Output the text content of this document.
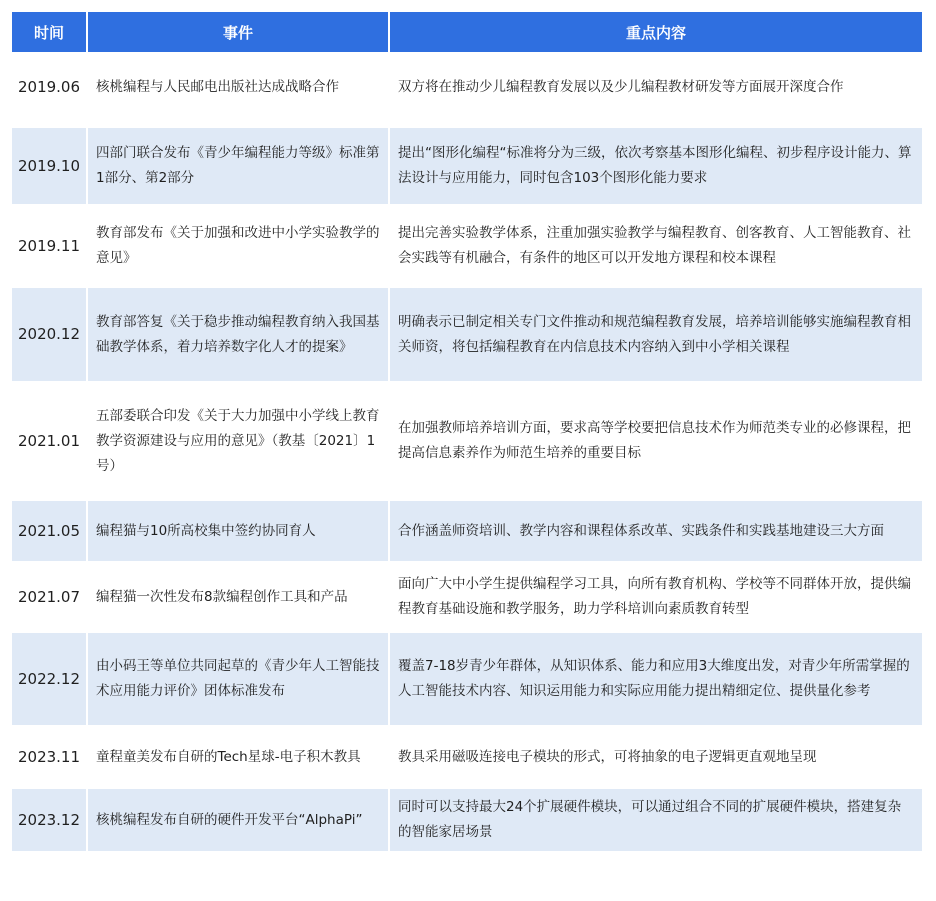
时间	事件	重点内容
2019.06	核桃编程与人民邮电出版社达成战略合作	双方将在推动少儿编程教育发展以及少儿编程教材研发等方面展开深度合作
2019.10	四部门联合发布《青少年编程能力等级》标准第1部分、第2部分	提出“图形化编程“标准将分为三级，依次考察基本图形化编程、初步程序设计能力、算法设计与应用能力，同时包含103个图形化能力要求
2019.11	教育部发布《关于加强和改进中小学实验教学的意见》	提出完善实验教学体系，注重加强实验教学与编程教育、创客教育、人工智能教育、社会实践等有机融合，有条件的地区可以开发地方课程和校本课程
2020.12	教育部答复《关于稳步推动编程教育纳入我国基础教学体系，着力培养数字化人才的提案》	明确表示已制定相关专门文件推动和规范编程教育发展，培养培训能够实施编程教育相关师资，将包括编程教育在内信息技术内容纳入到中小学相关课程
2021.01	五部委联合印发《关于大力加强中小学线上教育教学资源建设与应用的意见》（教基〔2021〕1号）	在加强教师培养培训方面，要求高等学校要把信息技术作为师范类专业的必修课程，把提高信息素养作为师范生培养的重要目标
2021.05	编程猫与10所高校集中签约协同育人	合作涵盖师资培训、教学内容和课程体系改革、实践条件和实践基地建设三大方面
2021.07	编程猫一次性发布8款编程创作工具和产品	面向广大中小学生提供编程学习工具，向所有教育机构、学校等不同群体开放，提供编程教育基础设施和教学服务，助力学科培训向素质教育转型
2022.12	由小码王等单位共同起草的《青少年人工智能技术应用能力评价》团体标准发布	覆盖7-18岁青少年群体，从知识体系、能力和应用3大维度出发，对青少年所需掌握的人工智能技术内容、知识运用能力和实际应用能力提出精细定位、提供量化参考
2023.11	童程童美发布自研的Tech星球-电子积木教具	教具采用磁吸连接电子模块的形式，可将抽象的电子逻辑更直观地呈现
2023.12	核桃编程发布自研的硬件开发平台“AlphaPi”	同时可以支持最大24个扩展硬件模块，可以通过组合不同的扩展硬件模块，搭建复杂的智能家居场景
